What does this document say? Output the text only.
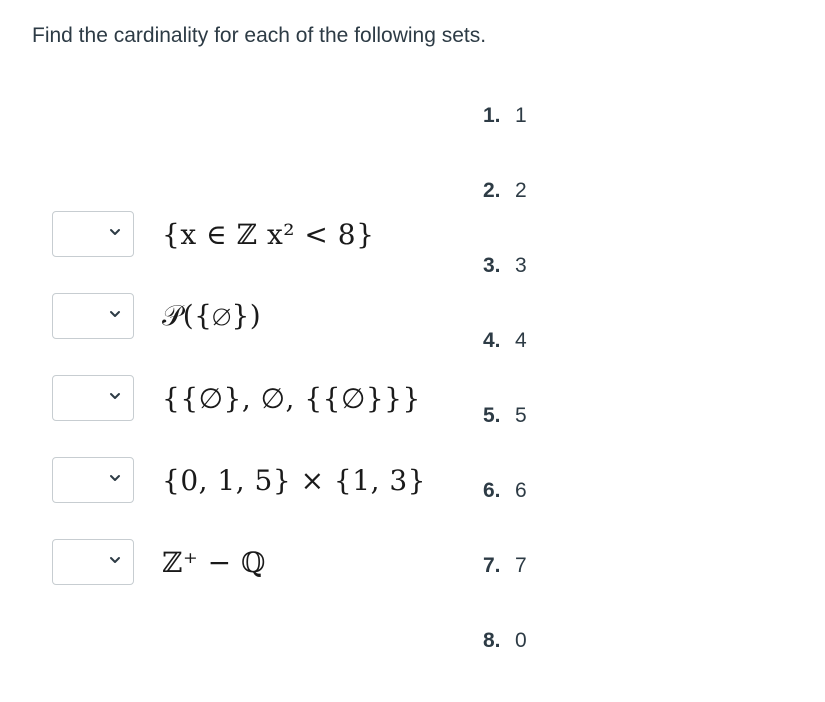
Find the cardinality for each of the following sets.
{x ∈ ℤ x² < 8}
𝒫({∅})
{{∅}, ∅, {{∅}}}
{0, 1, 5} × {1, 3}
ℤ⁺ − ℚ
1. 1
2. 2
3. 3
4. 4
5. 5
6. 6
7. 7
8. 0
